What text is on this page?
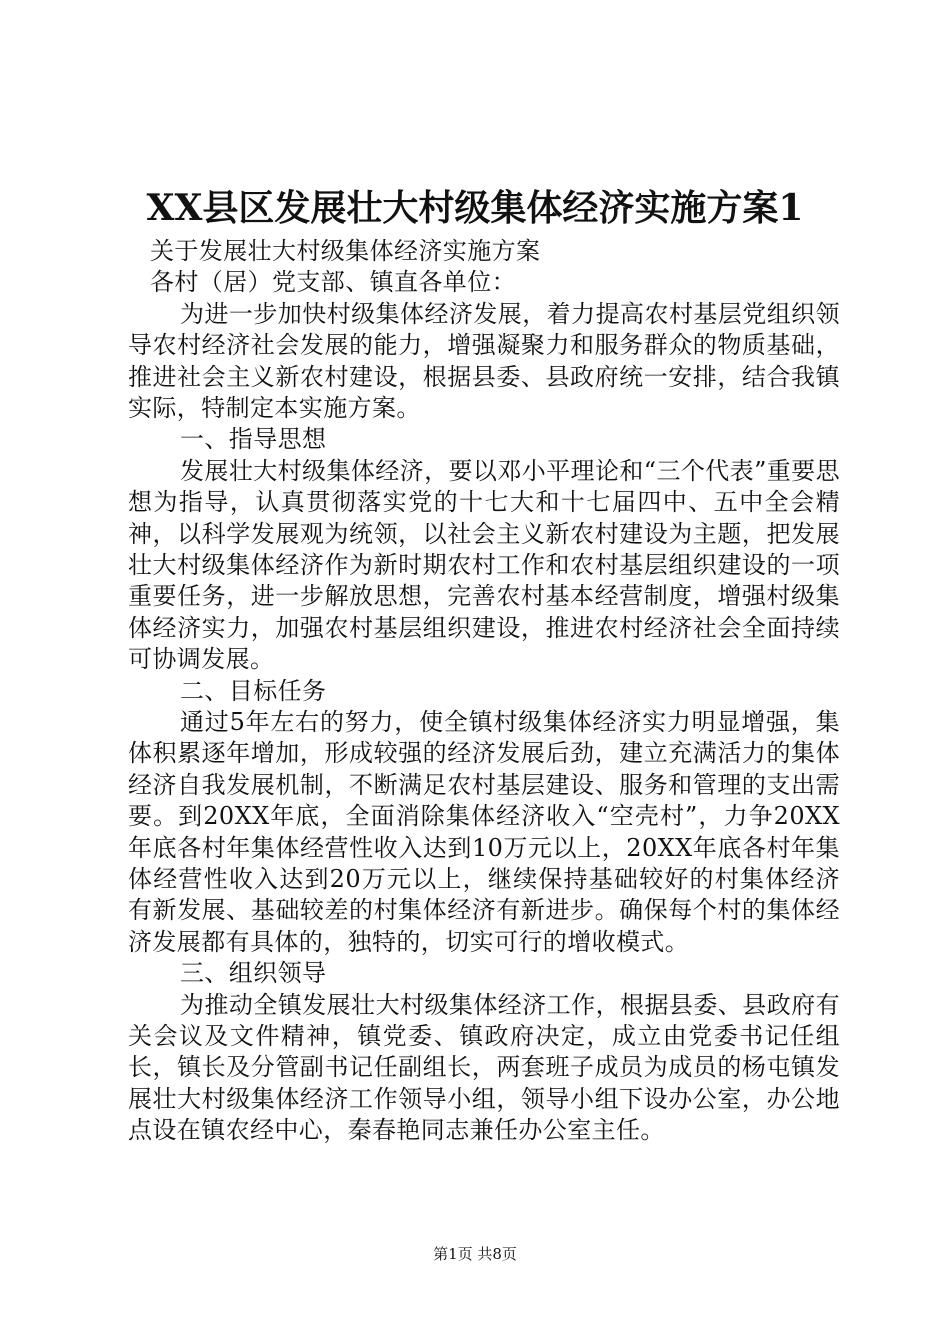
XX县区发展壮大村级集体经济实施方案1
关于发展壮大村级集体经济实施方案
各村（居）党支部、镇直各单位：

为进一步加快村级集体经济发展，着力提高农村基层党组织领导农村经济社会发展的能力，增强凝聚力和服务群众的物质基础，推进社会主义新农村建设，根据县委、县政府统一安排，结合我镇实际，特制定本实施方案。

一、指导思想

发展壮大村级集体经济，要以邓小平理论和“三个代表”重要思想为指导，认真贯彻落实党的十七大和十七届四中、五中全会精神，以科学发展观为统领，以社会主义新农村建设为主题，把发展壮大村级集体经济作为新时期农村工作和农村基层组织建设的一项重要任务，进一步解放思想，完善农村基本经营制度，增强村级集体经济实力，加强农村基层组织建设，推进农村经济社会全面持续可协调发展。

二、目标任务

通过5年左右的努力，使全镇村级集体经济实力明显增强，集体积累逐年增加，形成较强的经济发展后劲，建立充满活力的集体经济自我发展机制，不断满足农村基层建设、服务和管理的支出需要。到20XX年底，全面消除集体经济收入“空壳村”，力争20XX年底各村年集体经营性收入达到10万元以上，20XX年底各村年集体经营性收入达到20万元以上，继续保持基础较好的村集体经济有新发展、基础较差的村集体经济有新进步。确保每个村的集体经济发展都有具体的，独特的，切实可行的增收模式。

三、组织领导

为推动全镇发展壮大村级集体经济工作，根据县委、县政府有关会议及文件精神，镇党委、镇政府决定，成立由党委书记任组长，镇长及分管副书记任副组长，两套班子成员为成员的杨屯镇发展壮大村级集体经济工作领导小组，领导小组下设办公室，办公地点设在镇农经中心，秦春艳同志兼任办公室主任。

第1页 共8页
